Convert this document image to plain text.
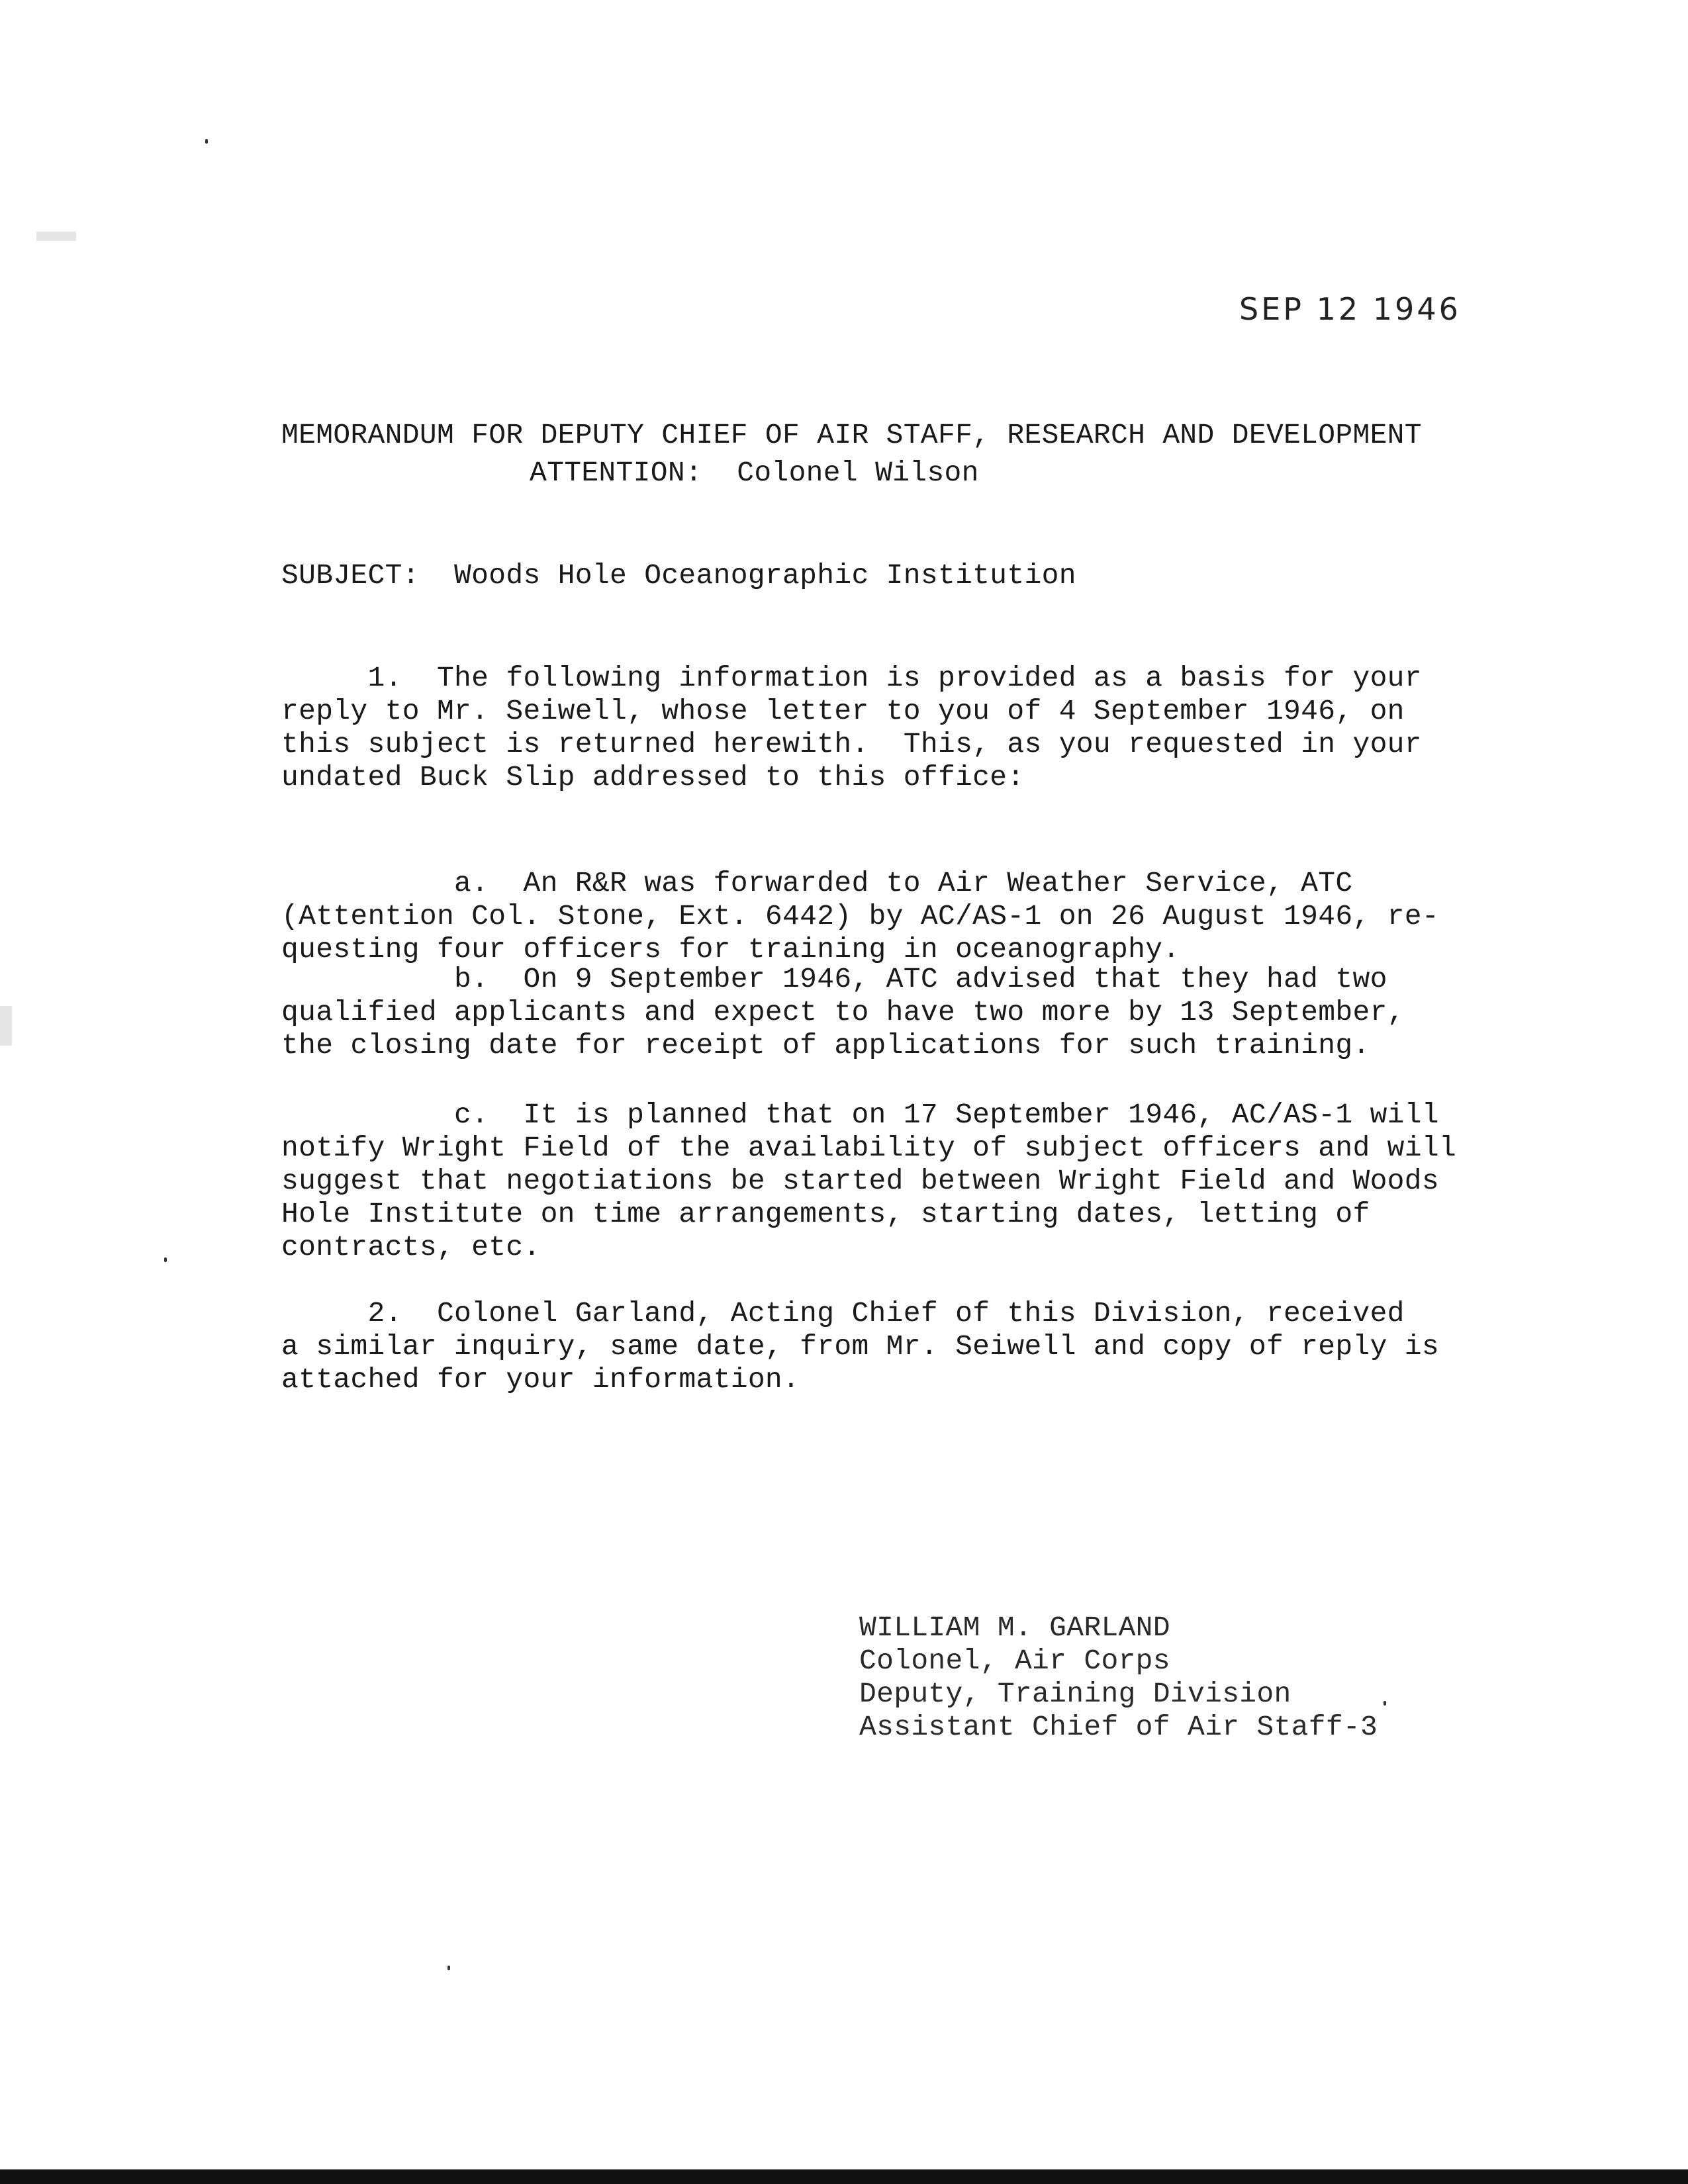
SEP 12 1946
MEMORANDUM FOR DEPUTY CHIEF OF AIR STAFF, RESEARCH AND DEVELOPMENT
ATTENTION:  Colonel Wilson
SUBJECT:  Woods Hole Oceanographic Institution
1.  The following information is provided as a basis for your
reply to Mr. Seiwell, whose letter to you of 4 September 1946, on
this subject is returned herewith.  This, as you requested in your
undated Buck Slip addressed to this office:
a.  An R&R was forwarded to Air Weather Service, ATC
(Attention Col. Stone, Ext. 6442) by AC/AS-1 on 26 August 1946, re-
questing four officers for training in oceanography.
b.  On 9 September 1946, ATC advised that they had two
qualified applicants and expect to have two more by 13 September,
the closing date for receipt of applications for such training.
c.  It is planned that on 17 September 1946, AC/AS-1 will
notify Wright Field of the availability of subject officers and will
suggest that negotiations be started between Wright Field and Woods
Hole Institute on time arrangements, starting dates, letting of
contracts, etc.
2.  Colonel Garland, Acting Chief of this Division, received
a similar inquiry, same date, from Mr. Seiwell and copy of reply is
attached for your information.
WILLIAM M. GARLAND
Colonel, Air Corps
Deputy, Training Division
Assistant Chief of Air Staff-3
